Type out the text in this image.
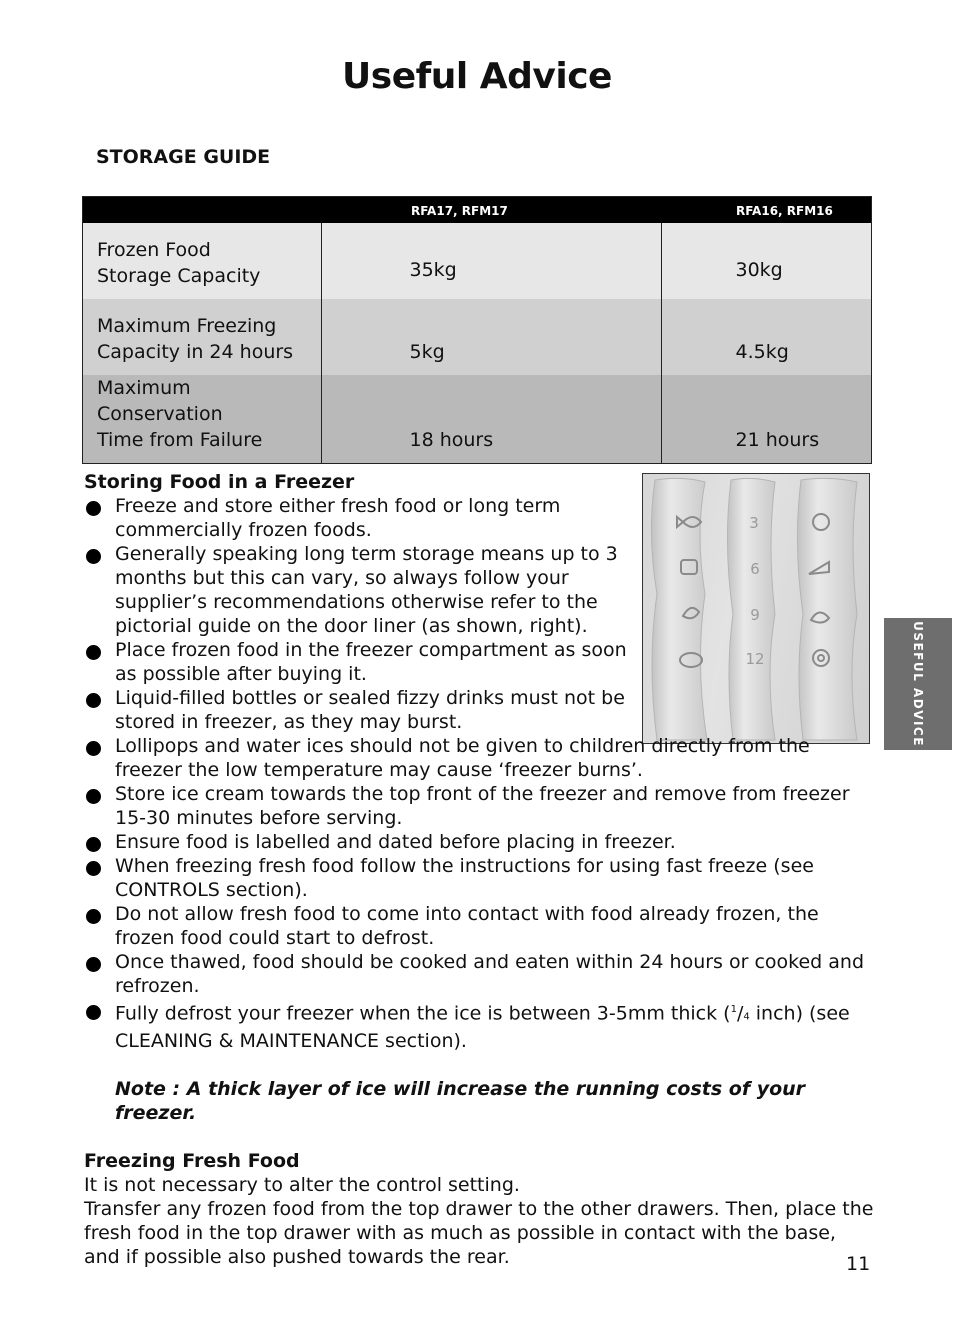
Useful Advice
STORAGE GUIDE
	RFA17, RFM17	RFA16, RFM16

Frozen Food
Storage Capacity	35kg	30kg

Maximum Freezing
Capacity in 24 hours	5kg	4.5kg

Maximum Conservation
Time from Failure	18 hours	21 hours
3
6
9
12	USEFUL ADVICE
Storing Food in a Freezer
Freeze and store either fresh food or long term commercially frozen foods.
Generally speaking long term storage means up to 3 months but this can vary, so always follow your supplier’s recommendations otherwise refer to the pictorial guide on the door liner (as shown, right).
Place frozen food in the freezer compartment as soon as possible after buying it.
Liquid-filled bottles or sealed fizzy drinks must not be stored in freezer, as they may burst.
Lollipops and water ices should not be given to children directly from the freezer the low temperature may cause ‘freezer burns’.
Store ice cream towards the top front of the freezer and remove from freezer 15-30 minutes before serving.
Ensure food is labelled and dated before placing in freezer.
When freezing fresh food follow the instructions for using fast freeze (see CONTROLS section).
Do not allow fresh food to come into contact with food already frozen, the frozen food could start to defrost.
Once thawed, food should be cooked and eaten within 24 hours or cooked and refrozen.
Fully defrost your freezer when the ice is between 3-5mm thick ($^1$/4 inch) (see CLEANING & MAINTENANCE section).
Note : A thick layer of ice will increase the running costs of your freezer.
Freezing Fresh Food
It is not necessary to alter the control setting.
Transfer any frozen food from the top drawer to the other drawers. Then, place the fresh food in the top drawer with as much as possible in contact with the base, and if possible also pushed towards the rear.	11
